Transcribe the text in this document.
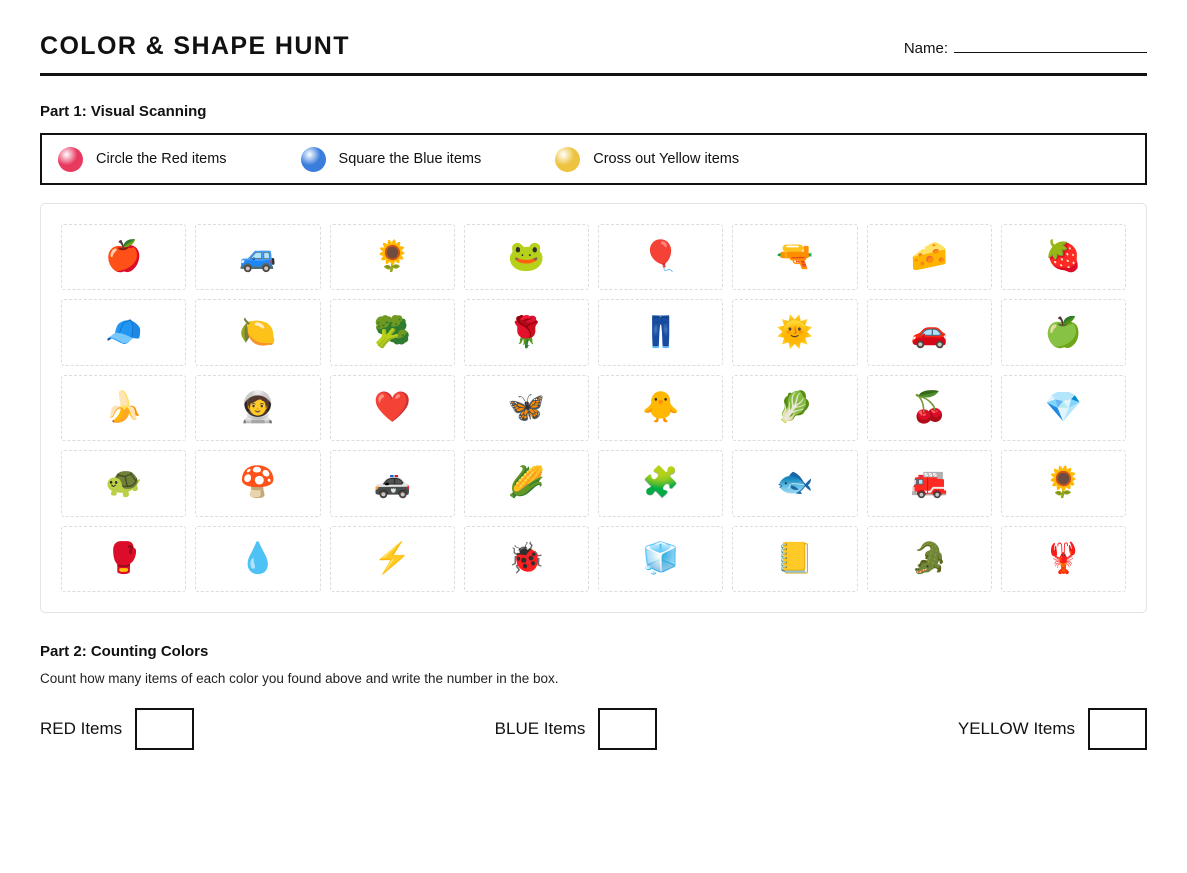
COLOR & SHAPE HUNT	Name:
Part 1: Visual Scanning
Circle the Red items	Square the Blue items	Cross out Yellow items
🍎	🚙	🌻	🐸	🎈	🔫	🧀	🍓
🧢	🍋	🥦	🌹	👖	🌞	🚗	🍏
🍌	🧑‍🚀	❤️	🦋	🐥	🥬	🍒	💎
🐢	🍄	🚓	🌽	🧩	🐟	🚒	🌻
🥊	💧	⚡	🐞	🧊	📒	🐊	🦞
Part 2: Counting Colors
Count how many items of each color you found above and write the number in the box.
RED Items	BLUE Items	YELLOW Items
